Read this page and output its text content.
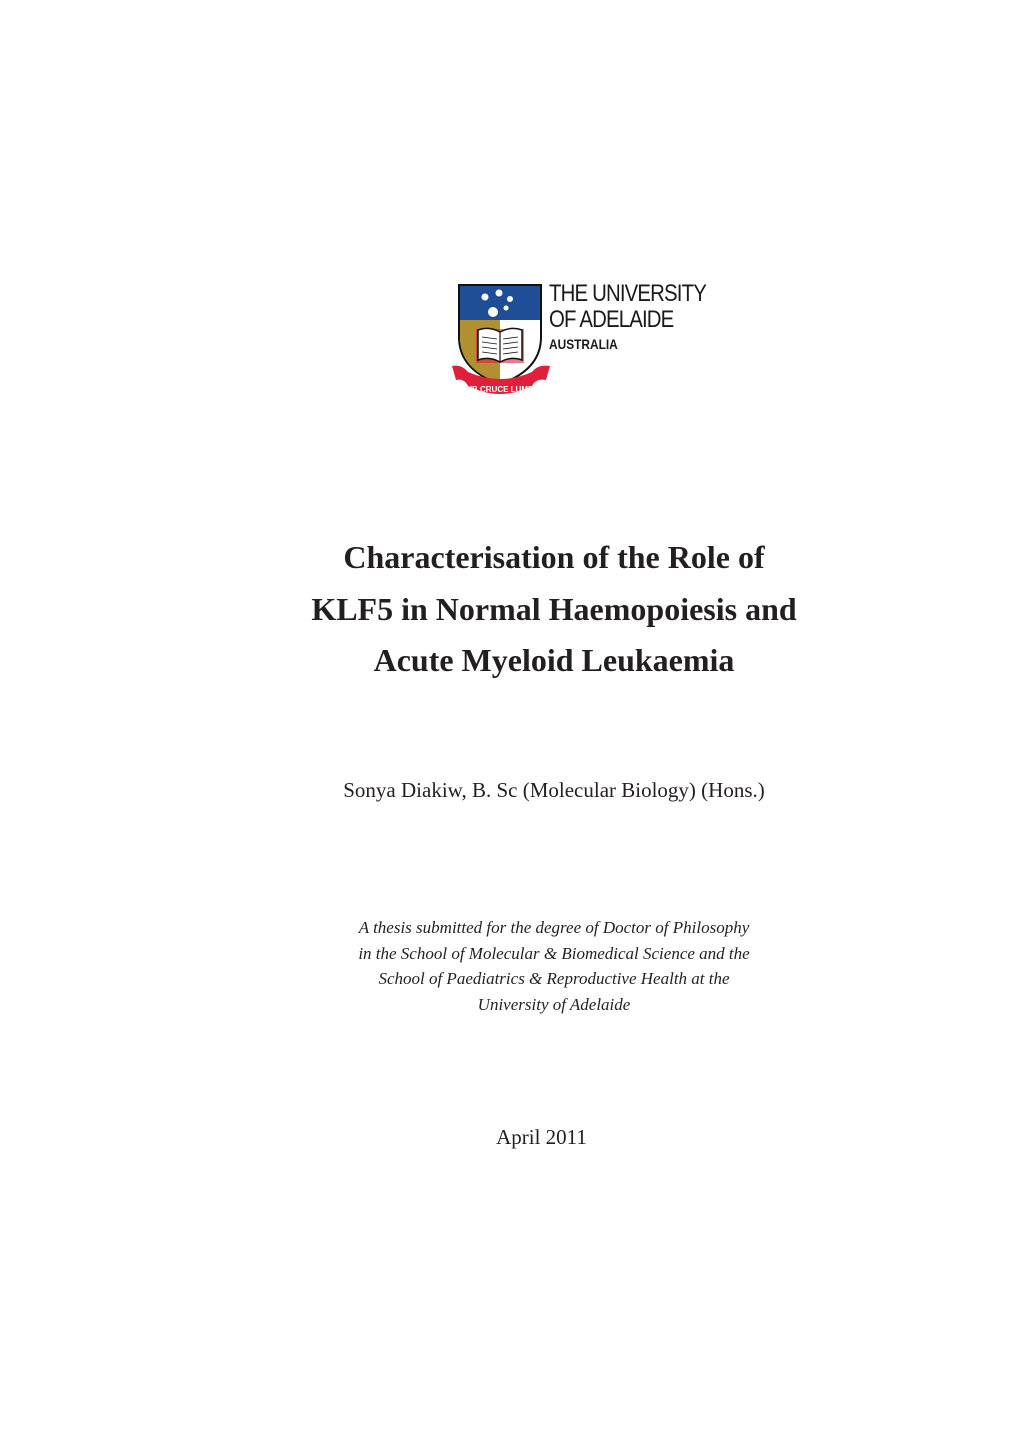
SUB CRUCE LUMEN
THE UNIVERSITY
OF ADELAIDE
AUSTRALIA
Characterisation of the Role of
KLF5 in Normal Haemopoiesis and
Acute Myeloid Leukaemia
Sonya Diakiw, B. Sc (Molecular Biology) (Hons.)
A thesis submitted for the degree of Doctor of Philosophy
in the School of Molecular & Biomedical Science and the
School of Paediatrics & Reproductive Health at the
University of Adelaide
April 2011
